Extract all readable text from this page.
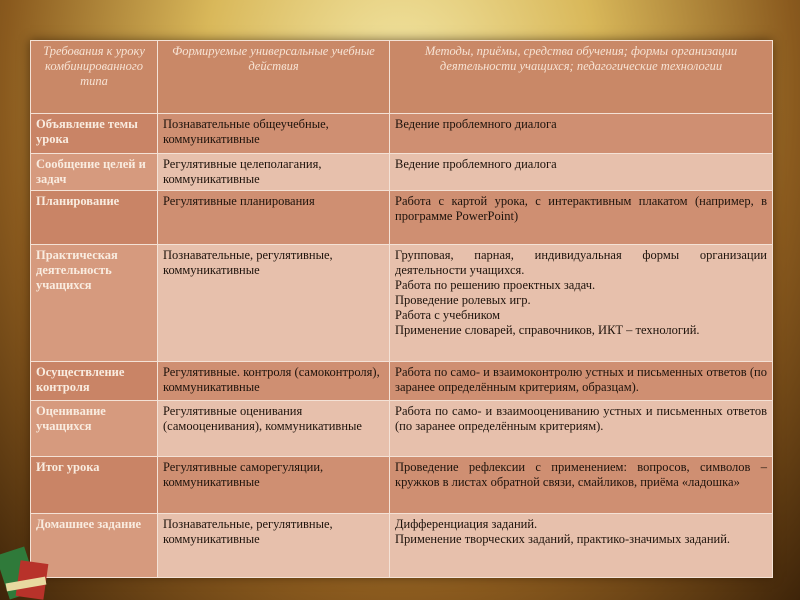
Требования к уроку комбинированного типа	Формируемые универсальные учебные действия	Методы, приёмы, средства обучения; формы организации деятельности учащихся; педагогические технологии
Объявление темы урока	Познавательные общеучебные, коммуникативные	Ведение проблемного диалога

Сообщение целей и задач	Регулятивные целеполагания, коммуникативные	Ведение проблемного диалога

Планирование	Регулятивные планирования	Работа с картой урока, с интерактивным плакатом (например, в программе PowerPoint)

Практическая деятельность учащихся	Познавательные, регулятивные, коммуникативные	Групповая, парная, индивидуальная формы организации деятельности учащихся.
Работа по решению проектных задач.
Проведение ролевых игр.
Работа с учебником
Применение словарей, справочников, ИКТ – технологий.

Осуществление контроля	Регулятивные. контроля (самоконтроля), коммуникативные	Работа по само- и взаимоконтролю устных и письменных ответов (по заранее определённым критериям, образцам).

Оценивание учащихся	Регулятивные оценивания (самооценивания), коммуникативные	Работа по само- и взаимооцениванию устных и письменных ответов (по заранее определённым критериям).

Итог урока	Регулятивные саморегуляции, коммуникативные	Проведение рефлексии с применением: вопросов, символов – кружков в листах обратной связи, смайликов, приёма «ладошка»

Домашнее задание	Познавательные, регулятивные, коммуникативные	Дифференциация заданий.
Применение творческих заданий, практико-значимых заданий.
